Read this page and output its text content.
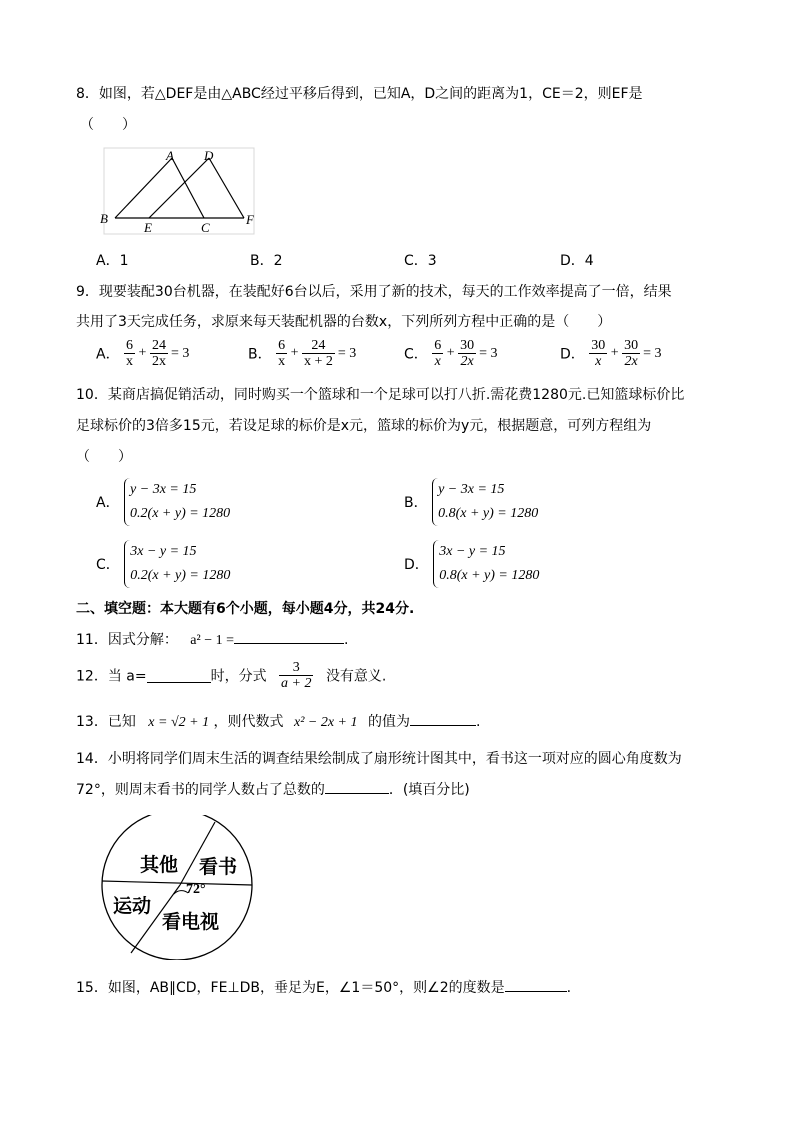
8．如图，若△DEF是由△ABC经过平移后得到，已知A，D之间的距离为1，CE＝2，则EF是
（　　）
A D
B
E	C
F
A．1	B．2	C．3	D．4
9．现要装配30台机器，在装配好6台以后，采用了新的技术，每天的工作效率提高了一倍，结果
共用了3天完成任务，求原来每天装配机器的台数x，下列所列方程中正确的是（　　）
A． $\frac{6}{x} + \frac{24}{2x} = 3$	B． $\frac{6}{x} + \frac{24}{x + 2} = 3$	C． $\frac{6}{x} + \frac{30}{2x} = 3$	D． $\frac{30}{x} + \frac{30}{2x} = 3$
10．某商店搞促销活动，同时购买一个篮球和一个足球可以打八折.需花费1280元.已知篮球标价比
足球标价的3倍多15元，若设足球的标价是x元，篮球的标价为y元，根据题意，可列方程组为
（　　）
A．
y − 3x = 15
0.2(x + y) = 1280
B．
y − 3x = 15
0.8(x + y) = 1280
C．
3x − y = 15
0.2(x + y) = 1280
D．
3x − y = 15
0.8(x + y) = 1280
二、填空题：本大题有6个小题，每小题4分，共24分.
11．因式分解： a² − 1 =	.
12．当 a=	时，分式 $\frac{3}{a + 2}$ 没有意义.
13．已知 x = √2 + 1 ，则代数式 x² − 2x + 1 的值为	.
14．小明将同学们周末生活的调查结果绘制成了扇形统计图其中，看书这一项对应的圆心角度数为
72°，则周末看书的同学人数占了总数的	．(填百分比)
其他 看书
72°
运动
看电视
15．如图，AB∥CD，FE⊥DB，垂足为E，∠1＝50°，则∠2的度数是	.
